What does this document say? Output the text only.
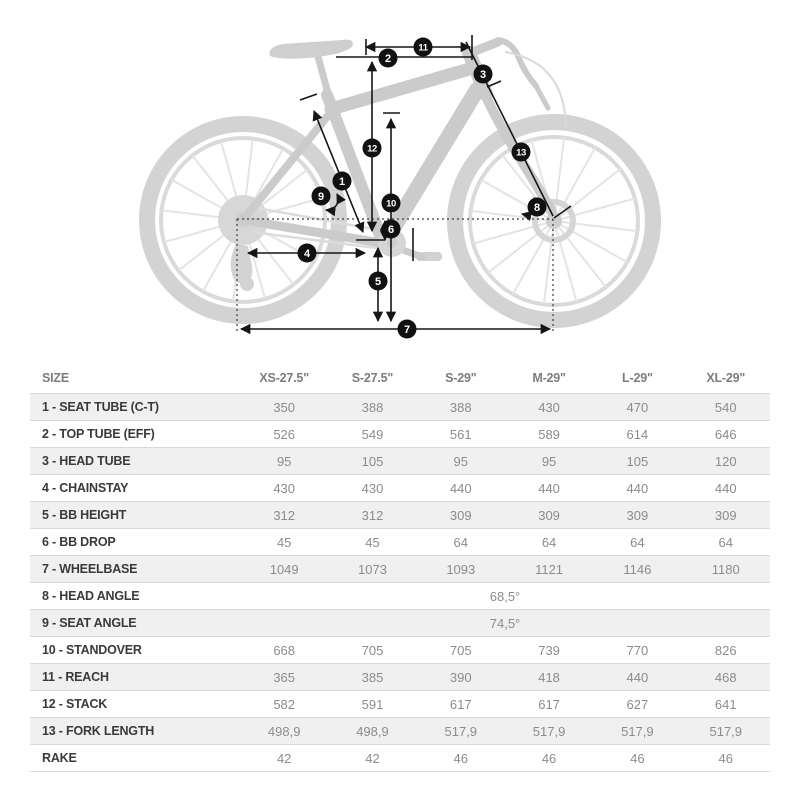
1
2
3
4
5
6
7
8
9
10
11
12	13
SIZE	XS-27.5"	S-27.5"	S-29"	M-29"	L-29"	XL-29"
1 - SEAT TUBE (C-T)	350	388	388	430	470	540
2 - TOP TUBE (EFF)	526	549	561	589	614	646
3 - HEAD TUBE	95	105	95	95	105	120
4 - CHAINSTAY	430	430	440	440	440	440
5 - BB HEIGHT	312	312	309	309	309	309
6 - BB DROP	45	45	64	64	64	64
7 - WHEELBASE	1049	1073	1093	1121	1146	1180
8 - HEAD ANGLE	68,5°					
9 - SEAT ANGLE	74,5°					
10 - STANDOVER	668	705	705	739	770	826
11 - REACH	365	385	390	418	440	468
12 - STACK	582	591	617	617	627	641
13 - FORK LENGTH	498,9	498,9	517,9	517,9	517,9	517,9
RAKE	42	42	46	46	46	46
